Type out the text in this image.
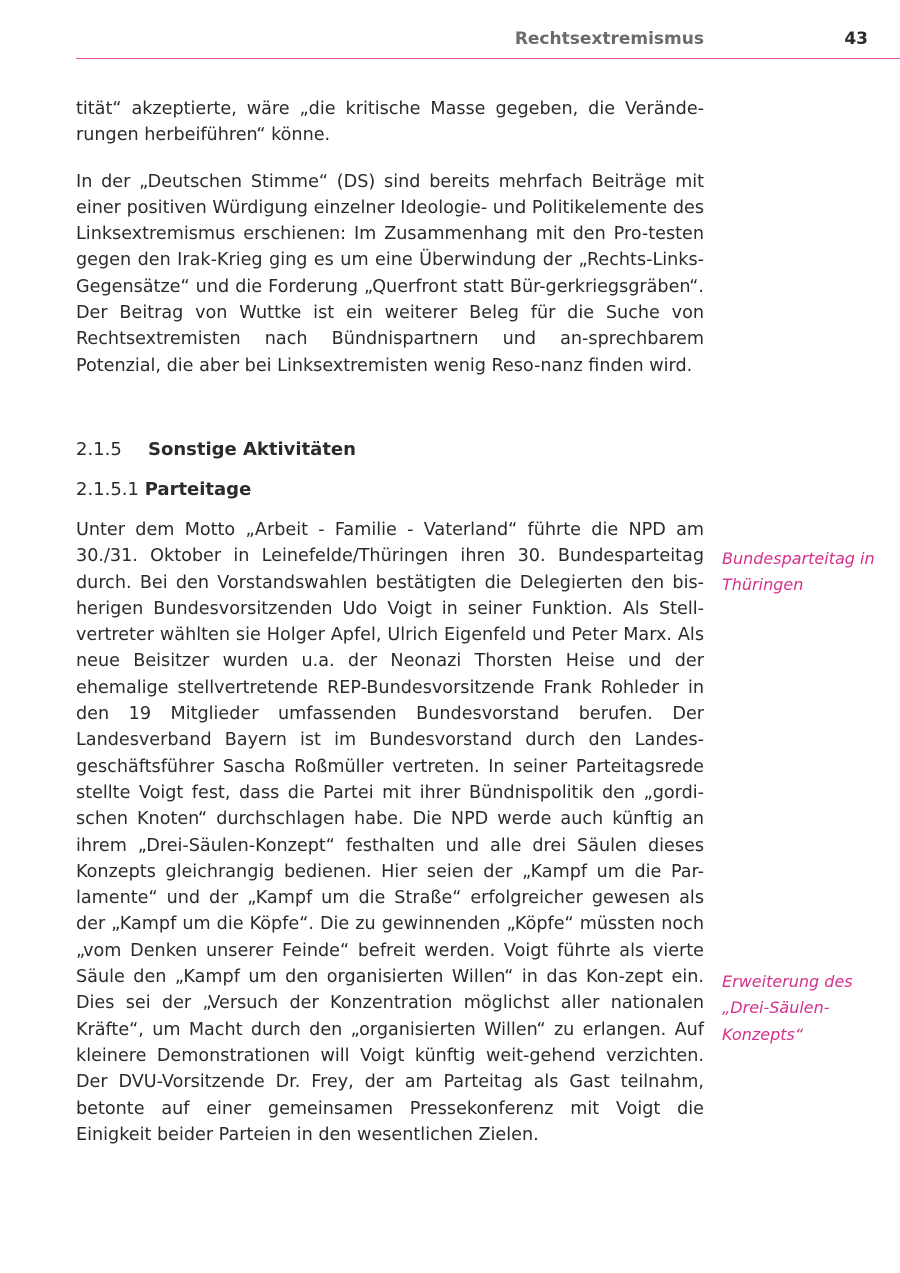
Rechtsextremismus	43

tität“ akzeptierte, wäre „die kritische Masse gegeben, die Verände-rungen herbeiführen“ könne.

In der „Deutschen Stimme“ (DS) sind bereits mehrfach Beiträge mit einer positiven Würdigung einzelner Ideologie- und Politikelemente des Linksextremismus erschienen: Im Zusammenhang mit den Pro-testen gegen den Irak-Krieg ging es um eine Überwindung der „Rechts-Links-Gegensätze“ und die Forderung „Querfront statt Bür-gerkriegsgräben“. Der Beitrag von Wuttke ist ein weiterer Beleg für die Suche von Rechtsextremisten nach Bündnispartnern und an-sprechbarem Potenzial, die aber bei Linksextremisten wenig Reso-nanz finden wird.

2.1.5 Sonstige Aktivitäten
2.1.5.1 Parteitage

Unter dem Motto „Arbeit - Familie - Vaterland“ führte die NPD am 30./31. Oktober in Leinefelde/Thüringen ihren 30. Bundesparteitag durch. Bei den Vorstandswahlen bestätigten die Delegierten den bis-herigen Bundesvorsitzenden Udo Voigt in seiner Funktion. Als Stell-vertreter wählten sie Holger Apfel, Ulrich Eigenfeld und Peter Marx. Als neue Beisitzer wurden u.a. der Neonazi Thorsten Heise und der ehemalige stellvertretende REP-Bundesvorsitzende Frank Rohleder in den 19 Mitglieder umfassenden Bundesvorstand berufen. Der Landesverband Bayern ist im Bundesvorstand durch den Landes-geschäftsführer Sascha Roßmüller vertreten. In seiner Parteitagsrede stellte Voigt fest, dass die Partei mit ihrer Bündnispolitik den „gordi-schen Knoten“ durchschlagen habe. Die NPD werde auch künftig an ihrem „Drei-Säulen-Konzept“ festhalten und alle drei Säulen dieses Konzepts gleichrangig bedienen. Hier seien der „Kampf um die Par-lamente“ und der „Kampf um die Straße“ erfolgreicher gewesen als der „Kampf um die Köpfe“. Die zu gewinnenden „Köpfe“ müssten noch „vom Denken unserer Feinde“ befreit werden. Voigt führte als vierte Säule den „Kampf um den organisierten Willen“ in das Kon-zept ein. Dies sei der „Versuch der Konzentration möglichst aller nationalen Kräfte“, um Macht durch den „organisierten Willen“ zu erlangen. Auf kleinere Demonstrationen will Voigt künftig weit-gehend verzichten. Der DVU-Vorsitzende Dr. Frey, der am Parteitag als Gast teilnahm, betonte auf einer gemeinsamen Pressekonferenz mit Voigt die Einigkeit beider Parteien in den wesentlichen Zielen.

Bundesparteitag in Thüringen
Erweiterung des „Drei-Säulen-Konzepts“
